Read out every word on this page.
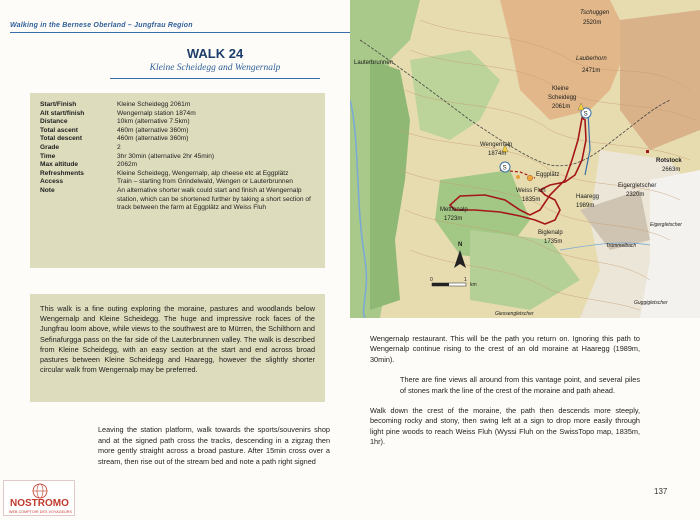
Walking in the Bernese Oberland – Jungfrau Region
WALK 24
Kleine Scheidegg and Wengernalp
Start/Finish	Kleine Scheidegg 2061m
Alt start/finish	Wengernalp station 1874m
Distance	10km (alternative 7.5km)
Total ascent	460m (alternative 360m)
Total descent	460m (alternative 360m)
Grade	2
Time	3hr 30min (alternative 2hr 45min)
Max altitude	2062m
Refreshments	Kleine Scheidegg, Wengernalp, alp cheese etc at Eggplätz
Access	Train – starting from Grindelwald, Wengen or Lauterbrunnen
Note	An alternative shorter walk could start and finish at Wengernalp station, which can be shortened further by taking a short section of track between the farm at Eggplätz and Weiss Fluh

This walk is a fine outing exploring the moraine, pastures and woodlands below Wengernalp and Kleine Scheidegg. The huge and impressive rock faces of the Jungfrau loom above, while views to the southwest are to Mürren, the Schilthorn and Sefinafurgga pass on the far side of the Lauterbrunnen valley. The walk is described from Kleine Scheidegg, with an easy section at the start and end across broad pastures between Kleine Scheidegg and Haaregg, however the slightly shorter circular walk from Wengernalp may be preferred.

Leaving the station platform, walk towards the sports/souvenirs shop and at the signed path cross the tracks, descending in a zigzag then more gently straight across a broad pasture. After 15min cross over a stream, then rise out of the stream bed and note a path right signed

NOSTROMO
WEB COMPTOIR DES VOYAGEURS
S
S
Tschuggen
2520m
Lauberhorn
2471m
Lauterbrunnen
Kleine
Scheidegg
2061m
Wengernalp
1874m
Eggplätz
Weiss Fluh
1835m	Haaregg
1989m
Mettlenalp
1723m
Biglenalp
1735m
Eigergletscher
2320m
Rotstock
2663m
Eigergletscher
Guggigletscher
Giessengletscher
Trümmelbach
N
0	1
km

Wengernalp restaurant. This will be the path you return on. Ignoring this path to Wengernalp continue rising to the crest of an old moraine at Haaregg (1989m, 30min).

There are fine views all around from this vantage point, and several piles of stones mark the line of the crest of the moraine and path ahead.

Walk down the crest of the moraine, the path then descends more steeply, becoming rocky and stony, then swing left at a sign to drop more easily through light pine woods to reach Weiss Fluh (Wyssi Fluh on the SwissTopo map, 1835m, 1hr).

137
